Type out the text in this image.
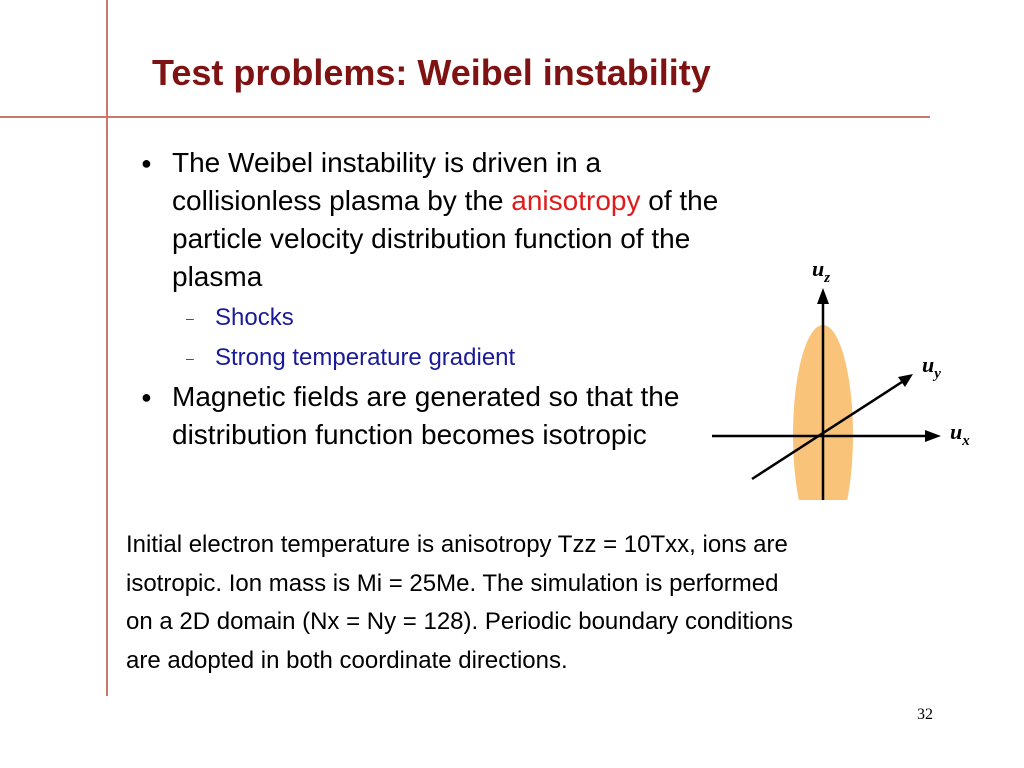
Test problems: Weibel instability
● The Weibel instability is driven in a collisionless plasma by the anisotropy of the particle velocity distribution function of the plasma
– Shocks
– Strong temperature gradient
● Magnetic fields are generated so that the distribution function becomes isotropic
$u_z$
$u_y$
$u_x$
Initial electron temperature is anisotropy Tzz = 10Txx, ions are
isotropic. Ion mass is Mi = 25Me. The simulation is performed
on a 2D domain (Nx = Ny = 128). Periodic boundary conditions
are adopted in both coordinate directions.
32
